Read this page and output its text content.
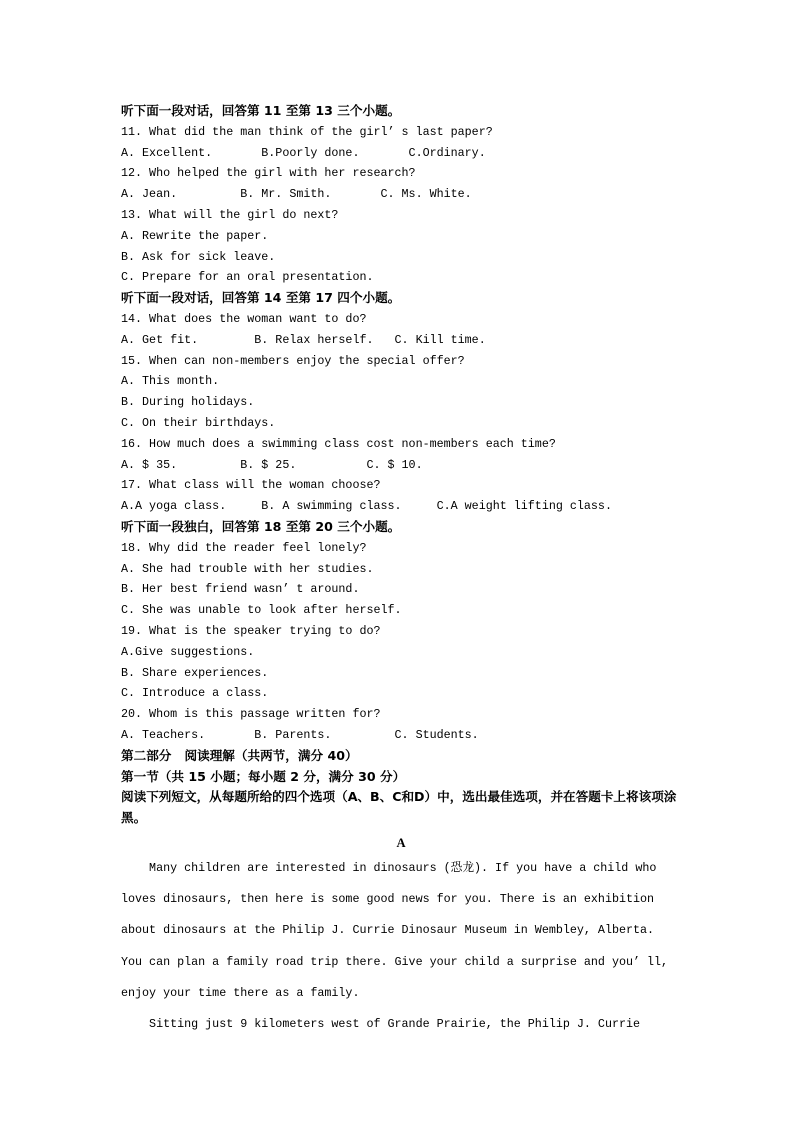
听下面一段对话，回答第 11 至第 13 三个小题。
11. What did the man think of the girl’ s last paper?
A. Excellent.       B.Poorly done.       C.Ordinary.
12. Who helped the girl with her research?
A. Jean.         B. Mr. Smith.       C. Ms. White.
13. What will the girl do next?
A. Rewrite the paper.
B. Ask for sick leave.
C. Prepare for an oral presentation.
听下面一段对话，回答第 14 至第 17 四个小题。
14. What does the woman want to do?
A. Get fit.        B. Relax herself.   C. Kill time.
15. When can non-members enjoy the special offer?
A. This month.
B. During holidays.
C. On their birthdays.
16. How much does a swimming class cost non-members each time?
A. $ 35.         B. $ 25.          C. $ 10.
17. What class will the woman choose?
A.A yoga class.     B. A swimming class.     C.A weight lifting class.
听下面一段独白，回答第 18 至第 20 三个小题。
18. Why did the reader feel lonely?
A. She had trouble with her studies.
B. Her best friend wasn’ t around.
C. She was unable to look after herself.
19. What is the speaker trying to do?
A.Give suggestions.
B. Share experiences.
C. Introduce a class.
20. Whom is this passage written for?
A. Teachers.       B. Parents.         C. Students.
第二部分   阅读理解（共两节，满分 40）
第一节（共 15 小题；每小题 2 分，满分 30 分）
阅读下列短文，从每题所给的四个选项（A、B、C和D）中，选出最佳选项，并在答题卡上将该项涂黑。
A
Many children are interested in dinosaurs (恐龙). If you have a child who
loves dinosaurs, then here is some good news for you. There is an exhibition
about dinosaurs at the Philip J. Currie Dinosaur Museum in Wembley, Alberta.
You can plan a family road trip there. Give your child a surprise and you’ ll,
enjoy your time there as a family.
Sitting just 9 kilometers west of Grande Prairie, the Philip J. Currie
